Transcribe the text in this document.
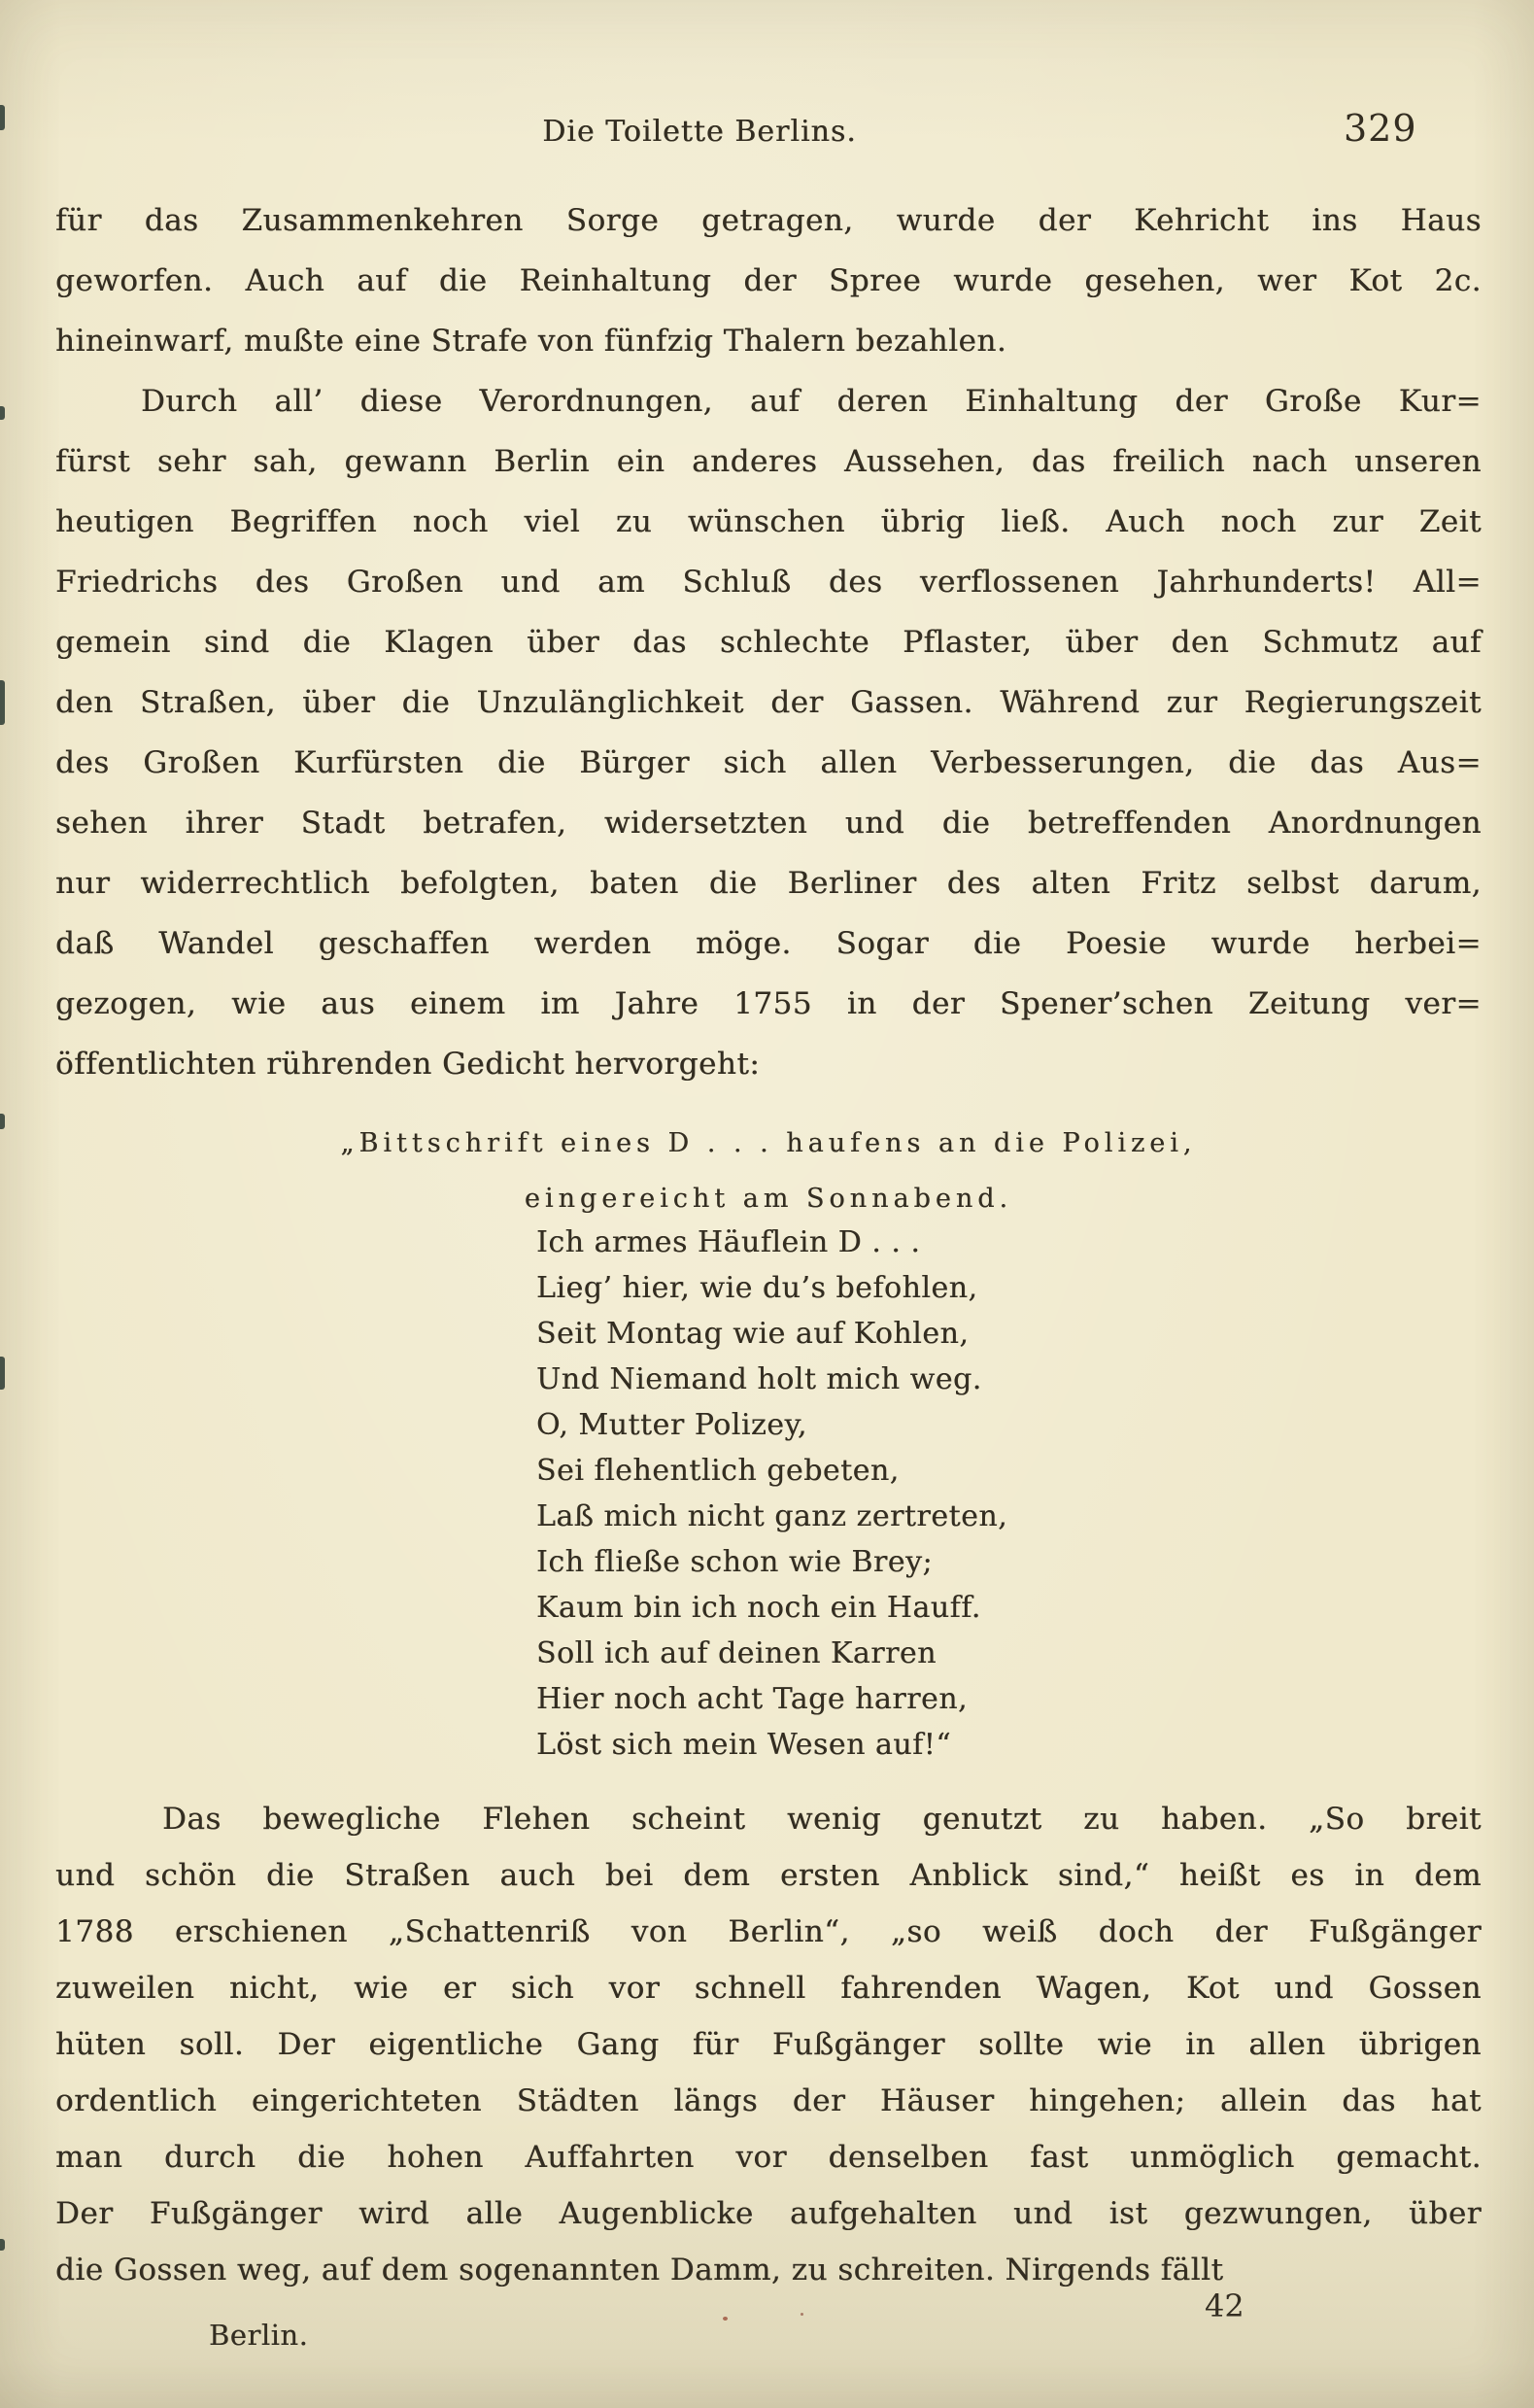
Die Toilette Berlins.	329
für das Zusammenkehren Sorge getragen, wurde der Kehricht ins Haus
geworfen. Auch auf die Reinhaltung der Spree wurde gesehen, wer Kot 2c.
hineinwarf, mußte eine Strafe von fünfzig Thalern bezahlen.
Durch all’ diese Verordnungen, auf deren Einhaltung der Große Kur=
fürst sehr sah, gewann Berlin ein anderes Aussehen, das freilich nach unseren
heutigen Begriffen noch viel zu wünschen übrig ließ. Auch noch zur Zeit
Friedrichs des Großen und am Schluß des verflossenen Jahrhunderts! All=
gemein sind die Klagen über das schlechte Pflaster, über den Schmutz auf
den Straßen, über die Unzulänglichkeit der Gassen. Während zur Regierungszeit
des Großen Kurfürsten die Bürger sich allen Verbesserungen, die das Aus=
sehen ihrer Stadt betrafen, widersetzten und die betreffenden Anordnungen
nur widerrechtlich befolgten, baten die Berliner des alten Fritz selbst darum,
daß Wandel geschaffen werden möge. Sogar die Poesie wurde herbei=
gezogen, wie aus einem im Jahre 1755 in der Spener’schen Zeitung ver=
öffentlichten rührenden Gedicht hervorgeht:
„Bittschrift eines D . . . haufens an die Polizei,
eingereicht am Sonnabend.
Ich armes Häuflein D . . .
Lieg’ hier, wie du’s befohlen,
Seit Montag wie auf Kohlen,
Und Niemand holt mich weg.
O, Mutter Polizey,
Sei flehentlich gebeten,
Laß mich nicht ganz zertreten,
Ich fließe schon wie Brey;
Kaum bin ich noch ein Hauff.
Soll ich auf deinen Karren
Hier noch acht Tage harren,
Löst sich mein Wesen auf!“
Das bewegliche Flehen scheint wenig genutzt zu haben. „So breit
und schön die Straßen auch bei dem ersten Anblick sind,“ heißt es in dem
1788 erschienen „Schattenriß von Berlin“, „so weiß doch der Fußgänger
zuweilen nicht, wie er sich vor schnell fahrenden Wagen, Kot und Gossen
hüten soll. Der eigentliche Gang für Fußgänger sollte wie in allen übrigen
ordentlich eingerichteten Städten längs der Häuser hingehen; allein das hat
man durch die hohen Auffahrten vor denselben fast unmöglich gemacht.
Der Fußgänger wird alle Augenblicke aufgehalten und ist gezwungen, über
die Gossen weg, auf dem sogenannten Damm, zu schreiten. Nirgends fällt
Berlin.
42
